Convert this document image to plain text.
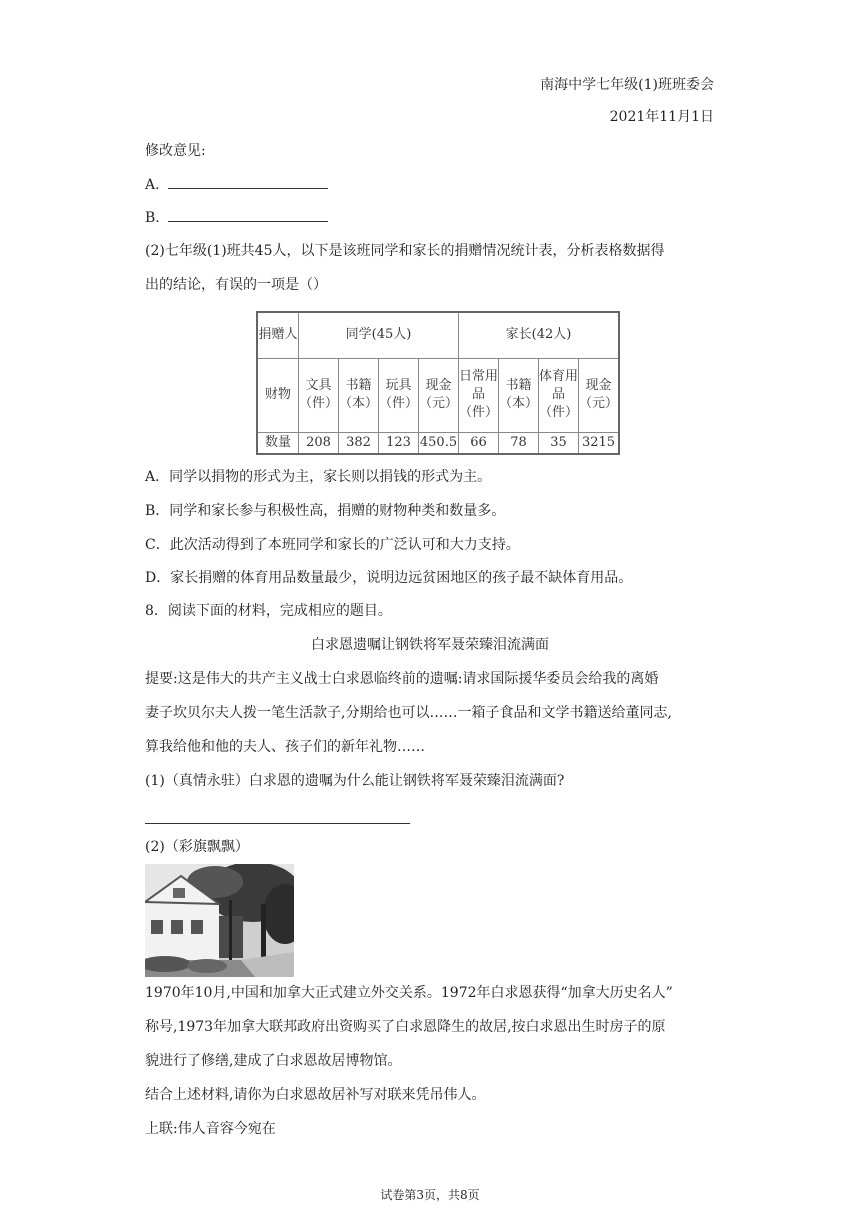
南海中学七年级(1)班班委会
2021年11月1日
修改意见:
A.
B.
(2)七年级(1)班共45人，以下是该班同学和家长的捐赠情况统计表，分析表格数据得
出的结论，有误的一项是（）
捐赠人	同学(45人)				家长(42人)			
财物	文具（件）	书籍（本）	玩具（件）	现金（元）	日常用品（件）	书籍（本）	体育用品（件）	现金（元）
数量	208	382	123	450.5	66	78	35	3215
A．同学以捐物的形式为主，家长则以捐钱的形式为主。
B．同学和家长参与积极性高，捐赠的财物种类和数量多。
C．此次活动得到了本班同学和家长的广泛认可和大力支持。
D．家长捐赠的体育用品数量最少，说明边远贫困地区的孩子最不缺体育用品。
8．阅读下面的材料，完成相应的题目。
白求恩遗嘱让钢铁将军聂荣臻泪流满面
提要:这是伟大的共产主义战士白求恩临终前的遗嘱:请求国际援华委员会给我的离婚
妻子坎贝尔夫人拨一笔生活款子,分期给也可以……一箱子食品和文学书籍送给董同志,
算我给他和他的夫人、孩子们的新年礼物……
(1)（真情永驻）白求恩的遗嘱为什么能让钢铁将军聂荣臻泪流满面?
(2)（彩旗飘飘）
1970年10月,中国和加拿大正式建立外交关系。1972年白求恩获得“加拿大历史名人”
称号,1973年加拿大联邦政府出资购买了白求恩降生的故居,按白求恩出生时房子的原
貌进行了修缮,建成了白求恩故居博物馆。
结合上述材料,请你为白求恩故居补写对联来凭吊伟人。
上联:伟人音容今宛在
试卷第3页，共8页
